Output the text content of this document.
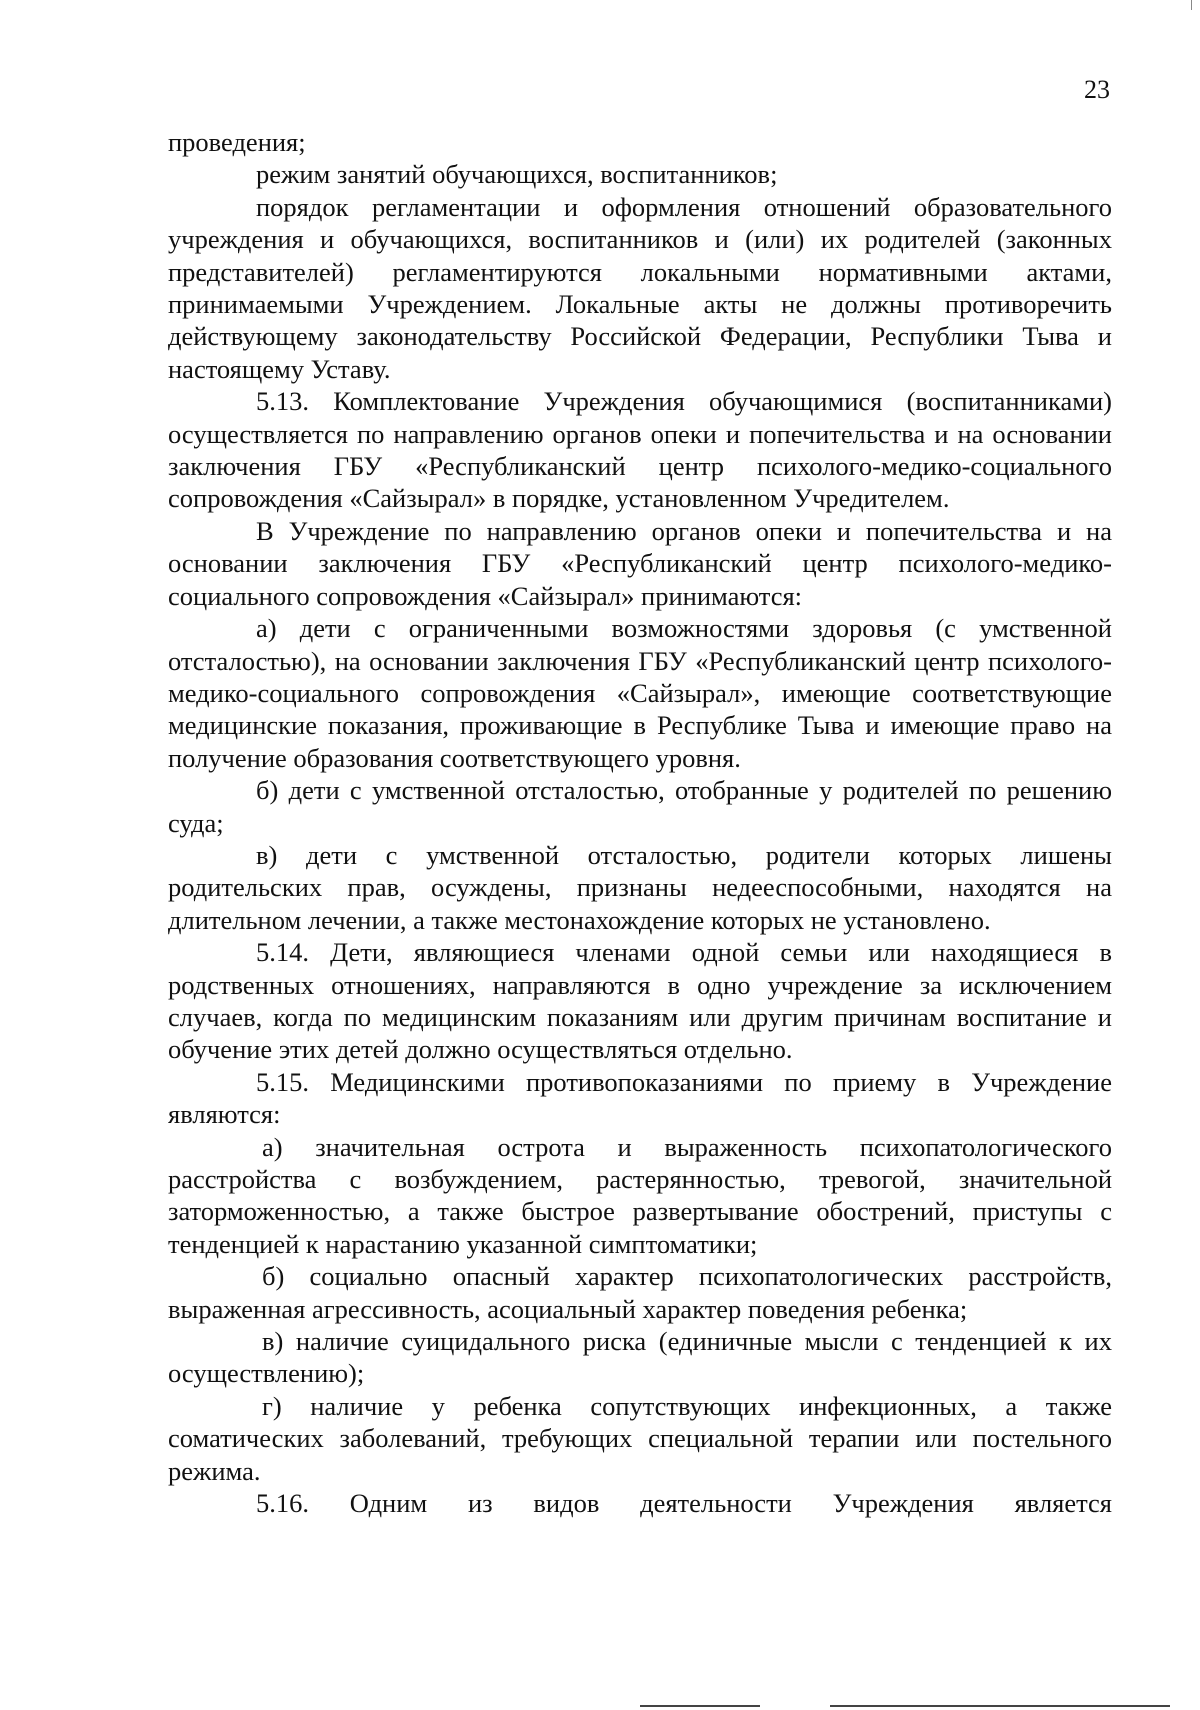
23

проведения;

режим занятий обучающихся, воспитанников;

порядок регламентации и оформления отношений образовательного учреждения и обучающихся, воспитанников и (или) их родителей (законных представителей) регламентируются локальными нормативными актами, принимаемыми Учреждением. Локальные акты не должны противоречить действующему законодательству Российской Федерации, Республики Тыва и настоящему Уставу.

5.13. Комплектование Учреждения обучающимися (воспитанниками) осуществляется по направлению органов опеки и попечительства и на основании заключения ГБУ «Республиканский центр психолого-медико-социального сопровождения «Сайзырал» в порядке, установленном Учредителем.

В Учреждение по направлению органов опеки и попечительства и на основании заключения ГБУ «Республиканский центр психолого-медико-социального сопровождения «Сайзырал» принимаются:

а) дети с ограниченными возможностями здоровья (с умственной отсталостью), на основании заключения ГБУ «Республиканский центр психолого-медико-социального сопровождения «Сайзырал», имеющие соответствующие медицинские показания, проживающие в Республике Тыва и имеющие право на получение образования соответствующего уровня.

б) дети с умственной отсталостью, отобранные у родителей по решению суда;

в) дети с умственной отсталостью, родители которых лишены родительских прав, осуждены, признаны недееспособными, находятся на длительном лечении, а также местонахождение которых не установлено.

5.14. Дети, являющиеся членами одной семьи или находящиеся в родственных отношениях, направляются в одно учреждение за исключением случаев, когда по медицинским показаниям или другим причинам воспитание и обучение этих детей должно осуществляться отдельно.

5.15. Медицинскими противопоказаниями по приему в Учреждение являются:

а) значительная острота и выраженность психопатологического расстройства с возбуждением, растерянностью, тревогой, значительной заторможенностью, а также быстрое развертывание обострений, приступы с тенденцией к нарастанию указанной симптоматики;

б) социально опасный характер психопатологических расстройств, выраженная агрессивность, асоциальный характер поведения ребенка;

в) наличие суицидального риска (единичные мысли с тенденцией к их осуществлению);

г) наличие у ребенка сопутствующих инфекционных, а также соматических заболеваний, требующих специальной терапии или постельного режима.

5.16. Одним из видов деятельности Учреждения является
